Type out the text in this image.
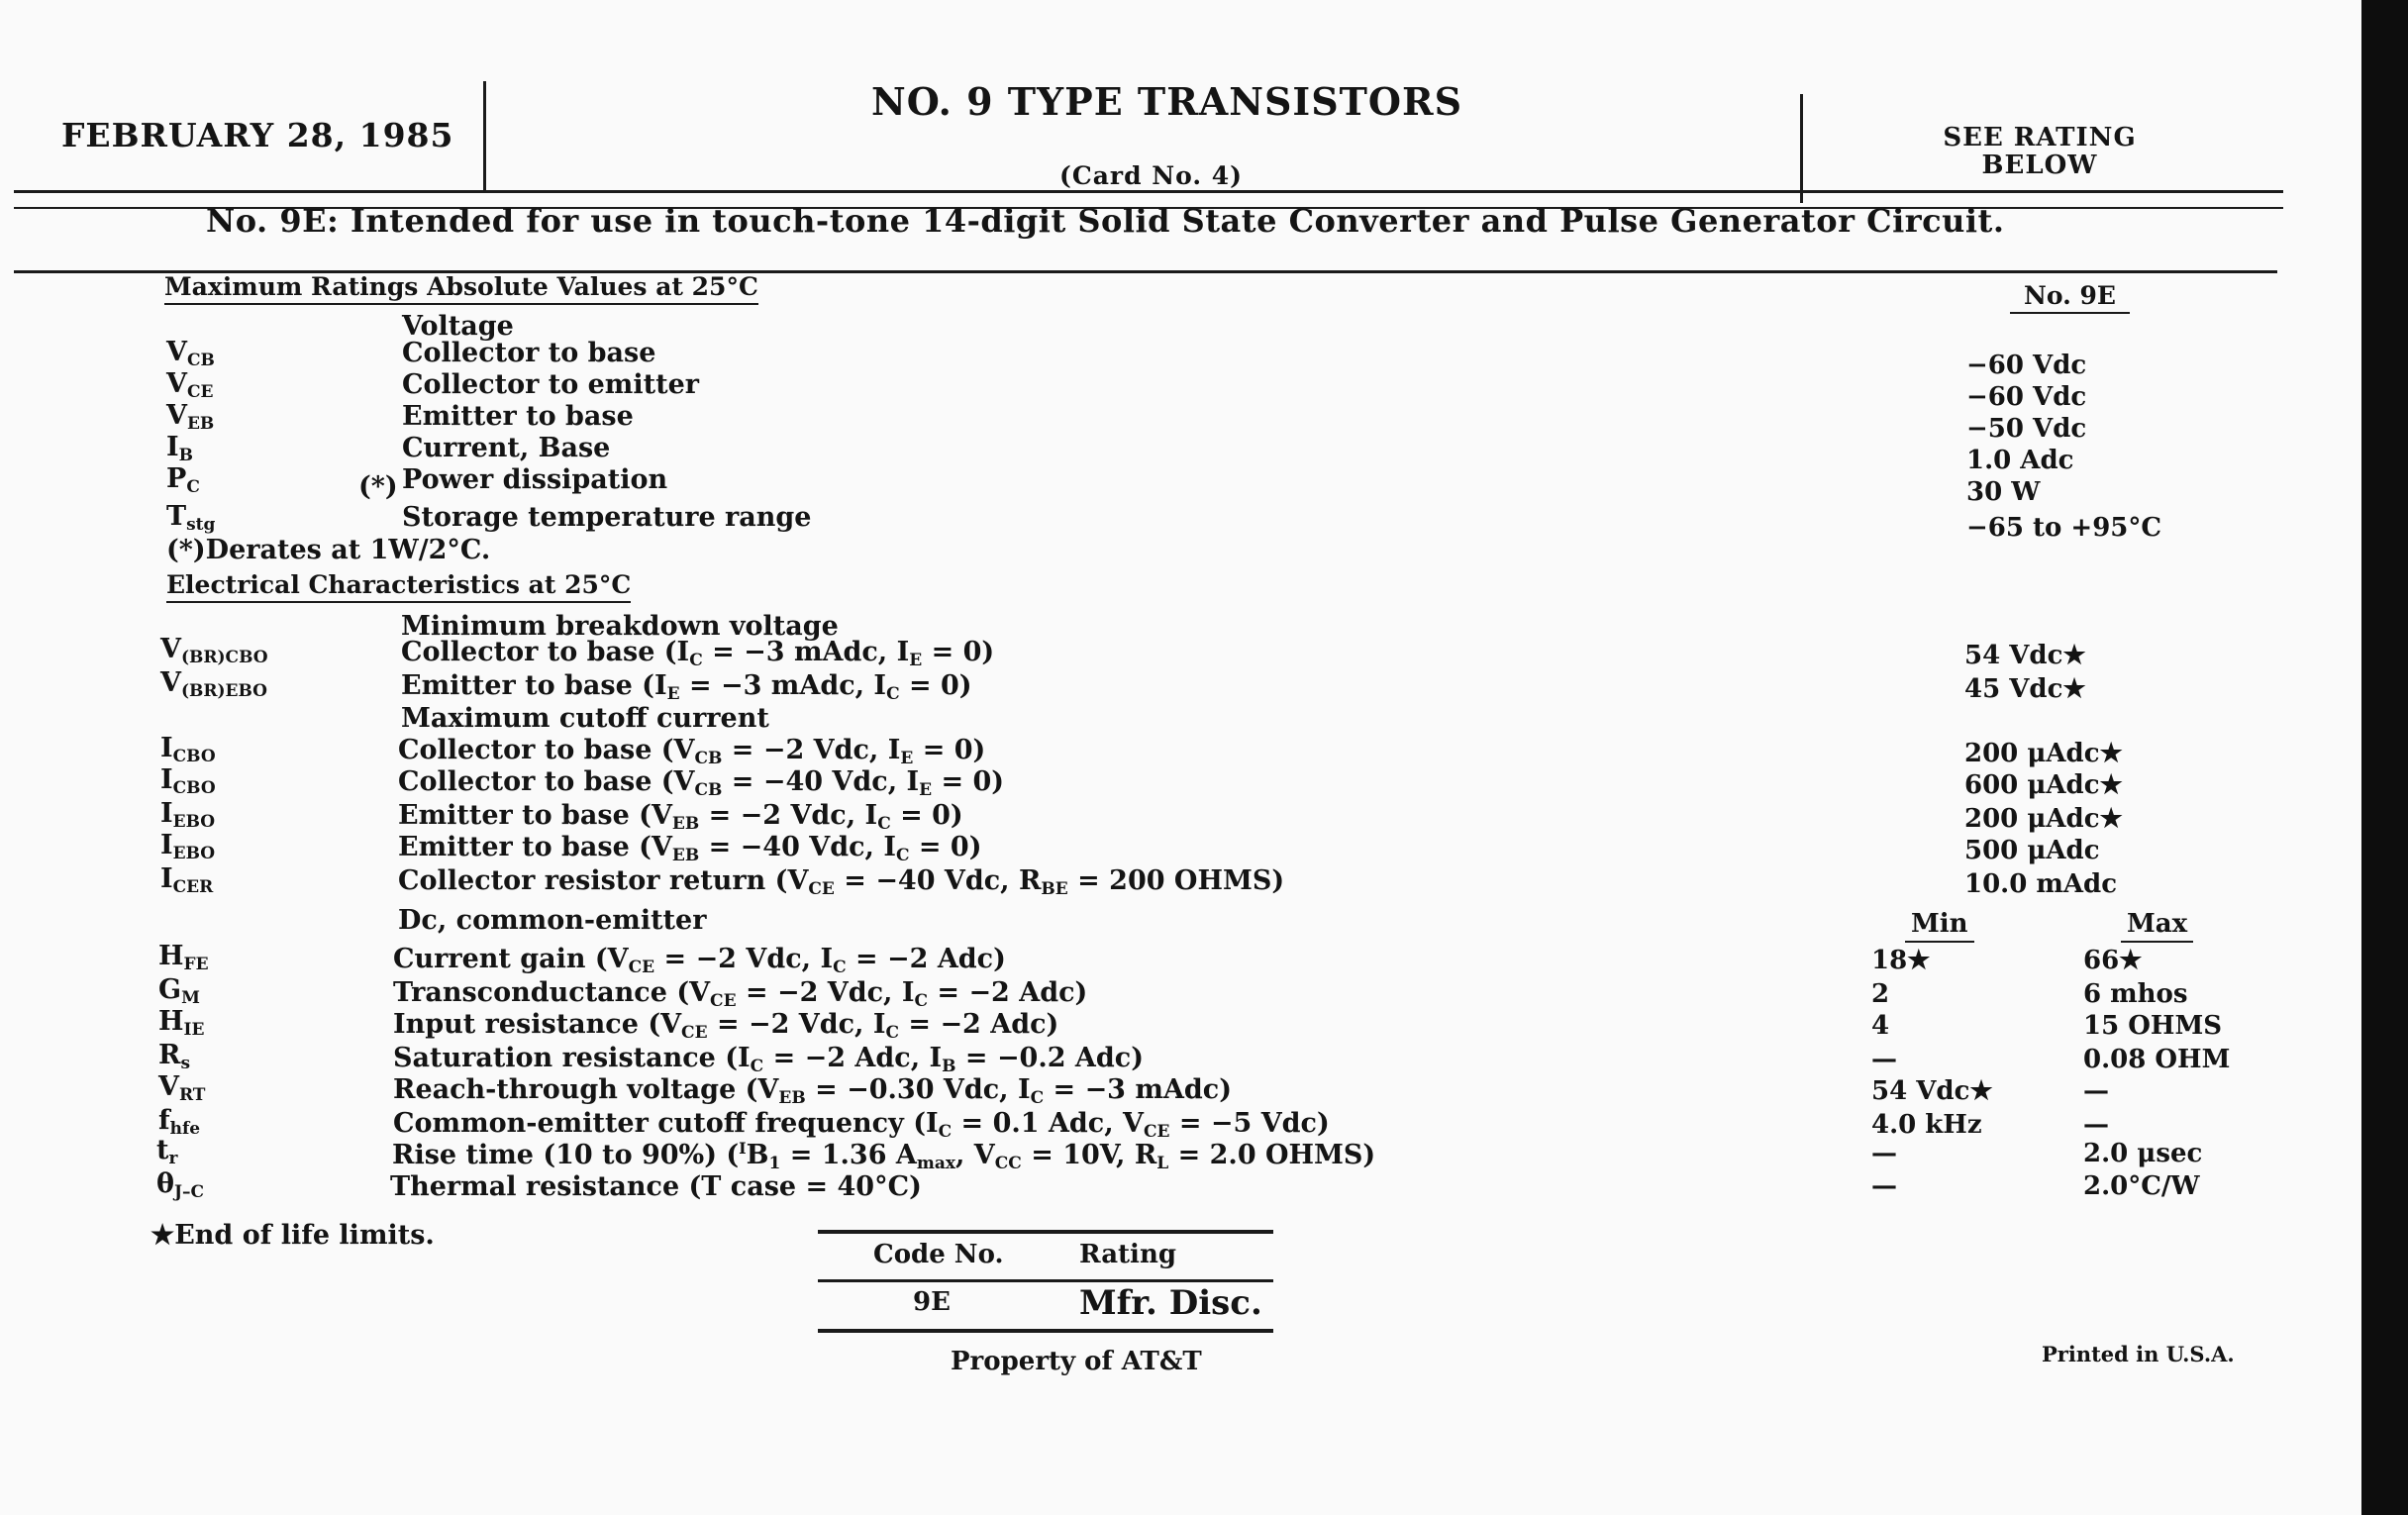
FEBRUARY 28, 1985
NO. 9 TYPE TRANSISTORS
(Card No. 4)
SEE RATING
BELOW
No. 9E: Intended for use in touch-tone 14-digit Solid State Converter and Pulse Generator Circuit.
Maximum Ratings Absolute Values at 25°C	No. 9E
Voltage
$V_{CB}$	Collector to base	−60 Vdc
$V_{CE}$	Collector to emitter	−60 Vdc
$V_{EB}$	Emitter to base	−50 Vdc
$I_B$	Current, Base	1.0 Adc
$P_C$	Power dissipation	30 W
$T_{stg}$	Storage temperature range	−65 to +95°C
(*)
(*)Derates at 1W/2°C.
Electrical Characteristics at 25°C
Minimum breakdown voltage
$V_{(BR)CBO}$	Collector to base ($I_C = -3$ mAdc, $I_E = 0$)	54 Vdc★
$V_{(BR)EBO}$	Emitter to base ($I_E = -3$ mAdc, $I_C = 0$)	45 Vdc★
Maximum cutoff current
$I_{CBO}$	Collector to base ($V_{CB} = -2$ Vdc, $I_E = 0$)	200 μAdc★
$I_{CBO}$	Collector to base ($V_{CB} = -40$ Vdc, $I_E = 0$)	600 μAdc★
$I_{EBO}$	Emitter to base ($V_{EB} = -2$ Vdc, $I_C = 0$)	200 μAdc★
$I_{EBO}$	Emitter to base ($V_{EB} = -40$ Vdc, $I_C = 0$)	500 μAdc
$I_{CER}$	Collector resistor return ($V_{CE} = -40$ Vdc, $R_{BE} = 200$ OHMS)	10.0 mAdc
Dc, common-emitter	Min	Max
$H_{FE}$	Current gain ($V_{CE} = -2$ Vdc, $I_C = -2$ Adc)	18★	66★
$G_M$	Transconductance ($V_{CE} = -2$ Vdc, $I_C = -2$ Adc)	2	6 mhos
$H_{IE}$	Input resistance ($V_{CE} = -2$ Vdc, $I_C = -2$ Adc)	4	15 OHMS
$R_s$	Saturation resistance ($I_C = -2$ Adc, $I_B = -0.2$ Adc)	—	0.08 OHM
$V_{RT}$	Reach-through voltage ($V_{EB} = -0.30$ Vdc, $I_C = -3$ mAdc)	54 Vdc★	—
$f_{hfe}$	Common-emitter cutoff frequency ($I_C = 0.1$ Adc, $V_{CE} = -5$ Vdc)	4.0 kHz	—
$t_r$	Rise time (10 to 90%) ($^IB_1 = 1.36$ $A_{max}$, $V_{CC} = 10V$, $R_L = 2.0$ OHMS)	—	2.0 μsec
$\theta_{J-C}$	Thermal resistance (T case = 40°C)	—	2.0°C/W
★End of life limits.
Code No.	Rating
9E	Mfr. Disc.
Property of AT&T	Printed in U.S.A.
